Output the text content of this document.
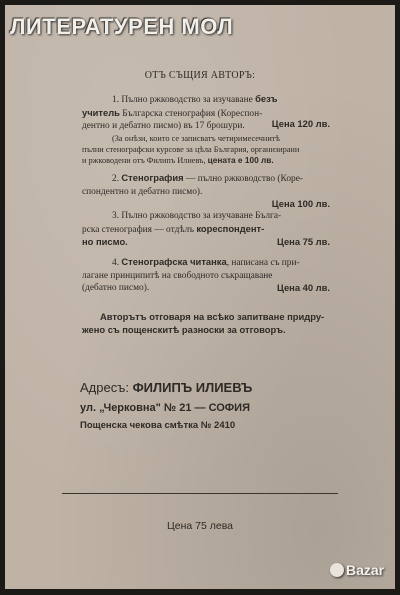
ЛИТЕРАТУРЕН МОЛ
ОТЪ СЪЩИЯ АВТОРЪ:
1. Пълно ржководство за изучаване безъ
учитель Българска стенография (Кореспон-
дентно и дебатно писмо) въ 17 брошури.
(За онѣзи, които се записватъ четиримесечнитѣ
пълни стенографски курсове за цѣла България, организирани
и ржководени отъ Филипъ Илиевъ, ценатa е 100 лв.
Цена 120 лв.
2. Стенография — пълно ржководство (Коре-
спондентно и дебатно писмо).
Цена 100 лв.
3. Пълно ржководство за изучаване Бълга-
рска стенография — отдѣлъ кореспондент-
но писмо.	Цена 75 лв.
4. Стенографска читанка, написана съ при-
лагане принципитѣ на свободното съкращаване
(дебатно писмо).	Цена 40 лв.
Авторътъ отговаря на всѣко запитване придру-
жено съ пощенскитѣ разноски за отговоръ.
Адресъ: ФИЛИПЪ ИЛИЕВЪ
ул. „Черковна" № 21 — СОФИЯ
Пощенска чекова смѣтка № 2410
Цена 75 лева
Bazar
